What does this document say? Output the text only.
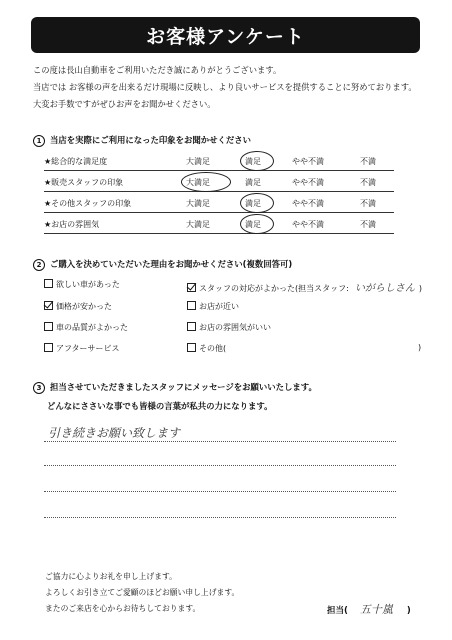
お客様アンケート
この度は長山自動車をご利用いただき誠にありがとうございます。
当店では お客様の声を出来るだけ現場に反映し、より良いサービスを提供することに努めております。
大変お手数ですがぜひお声をお聞かせください。
1 当店を実際にご利用になった印象をお聞かせください
★総合的な満足度	大満足	満足	やや不満	不満
★販売スタッフの印象	大満足	満足	やや不満	不満
★その他スタッフの印象	大満足	満足	やや不満	不満
★お店の雰囲気	大満足	満足	やや不満	不満
2 ご購入を決めていただいた理由をお聞かせください(複数回答可)
欲しい車があった	スタッフの対応がよかった(担当スタッフ: いがらしさん )
価格が安かった	お店が近い
車の品質がよかった	お店の雰囲気がいい
アフターサービス	その他(	)
3 担当させていただきましたスタッフにメッセージをお願いいたします。
どんなにささいな事でも皆様の言葉が私共の力になります。
引き続きお願い致します
ご協力に心よりお礼を申し上げます。
よろしくお引き立てご愛顧のほどお願い申し上げます。
またのご来店を心からお待ちしております。	担当( 五十嵐 )
